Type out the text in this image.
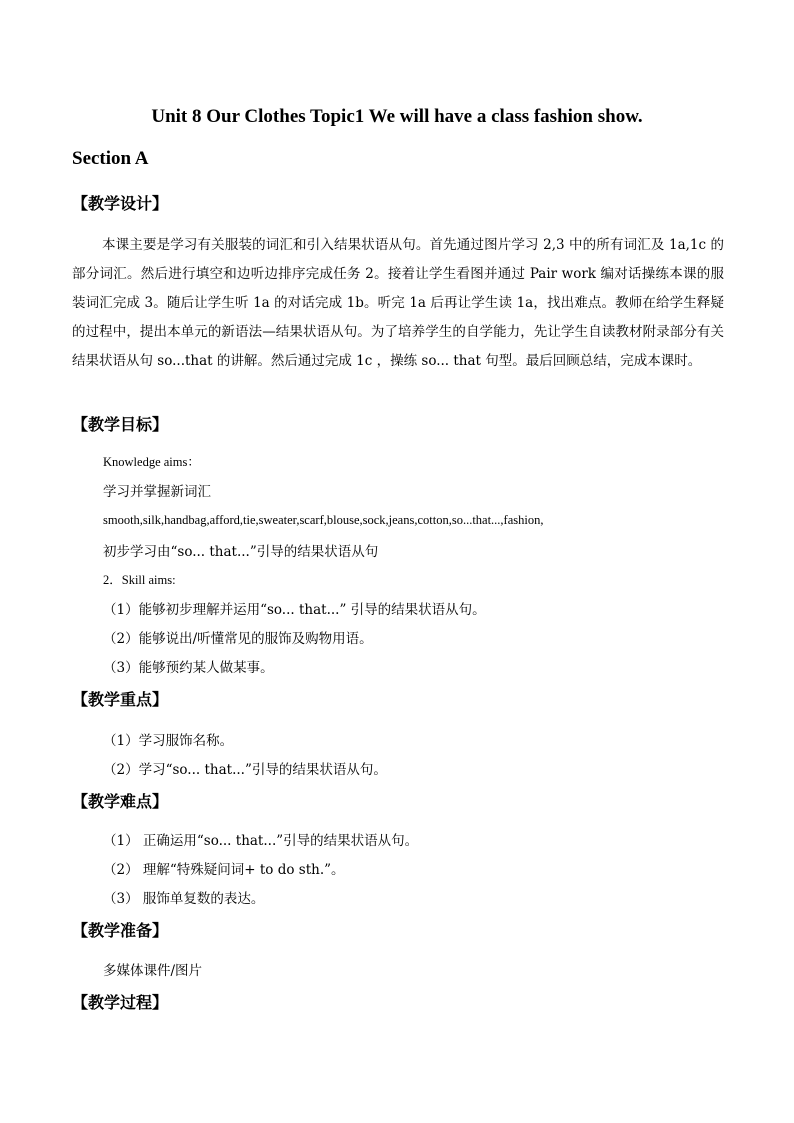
Unit 8 Our Clothes Topic1 We will have a class fashion show.
Section A
【教学设计】

本课主要是学习有关服装的词汇和引入结果状语从句。首先通过图片学习 2,3 中的所有词汇及 1a,1c 的部分词汇。然后进行填空和边听边排序完成任务 2。接着让学生看图并通过 Pair work 编对话操练本课的服装词汇完成 3。随后让学生听 1a 的对话完成 1b。听完 1a 后再让学生读 1a，找出难点。教师在给学生释疑的过程中，提出本单元的新语法—结果状语从句。为了培养学生的自学能力，先让学生自读教材附录部分有关结果状语从句 so...that 的讲解。然后通过完成 1c ，操练 so... that 句型。最后回顾总结，完成本课时。

【教学目标】
Knowledge aims：
学习并掌握新词汇
smooth,silk,handbag,afford,tie,sweater,scarf,blouse,sock,jeans,cotton,so...that...,fashion,
初步学习由“so... that...”引导的结果状语从句
2．Skill aims:
（1）能够初步理解并运用“so... that...” 引导的结果状语从句。
（2）能够说出/听懂常见的服饰及购物用语。
（3）能够预约某人做某事。
【教学重点】
（1）学习服饰名称。
（2）学习“so... that...”引导的结果状语从句。
【教学难点】
（1） 正确运用“so... that...”引导的结果状语从句。
（2） 理解“特殊疑问词+ to do sth.”。
（3） 服饰单复数的表达。
【教学准备】
多媒体课件/图片
【教学过程】
